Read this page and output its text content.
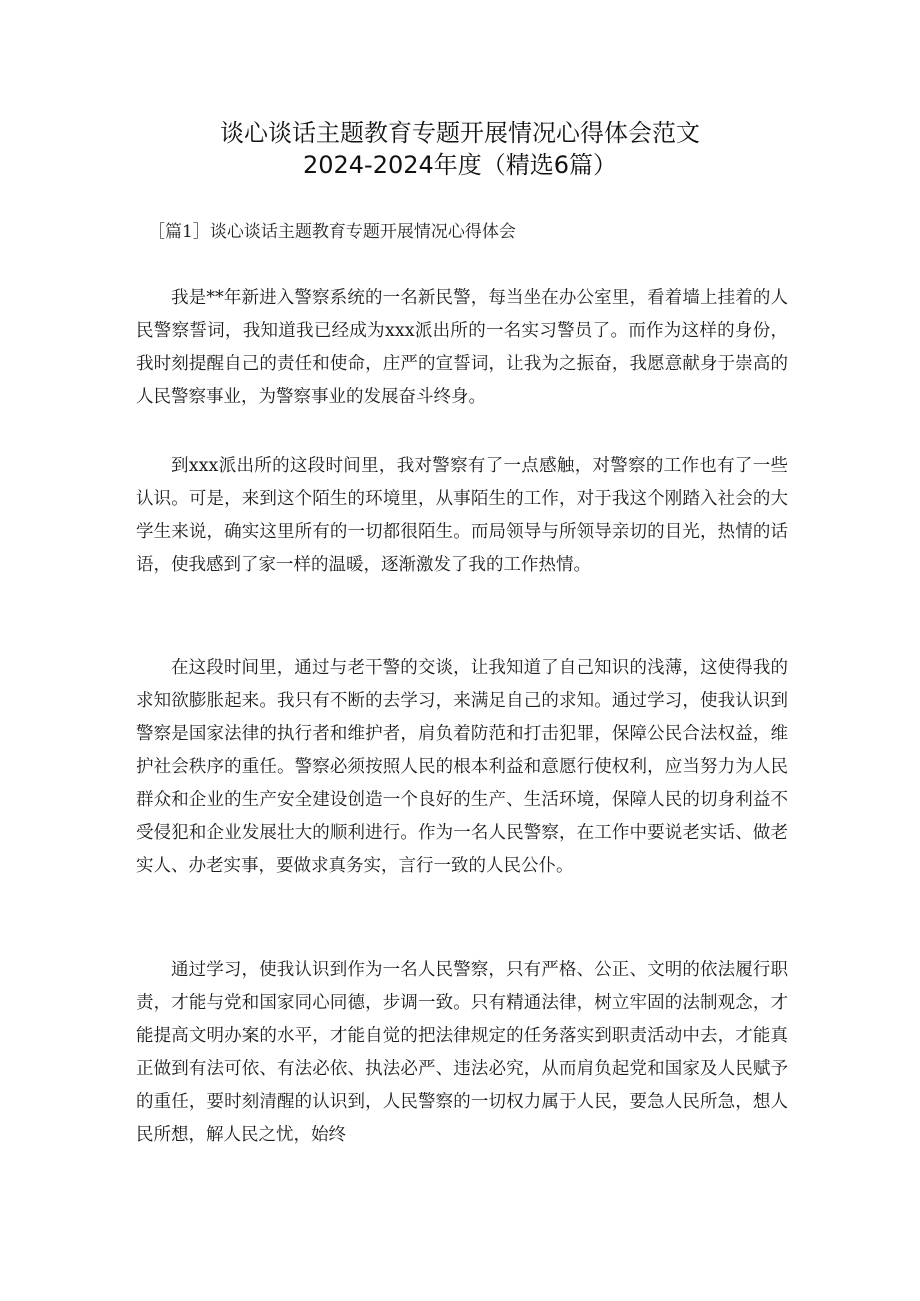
谈心谈话主题教育专题开展情况心得体会范文
2024-2024年度（精选6篇）
［篇1］谈心谈话主题教育专题开展情况心得体会

我是**年新进入警察系统的一名新民警，每当坐在办公室里，看着墙上挂着的人民警察誓词，我知道我已经成为xxx派出所的一名实习警员了。而作为这样的身份，我时刻提醒自己的责任和使命，庄严的宣誓词，让我为之振奋，我愿意献身于崇高的人民警察事业，为警察事业的发展奋斗终身。

到xxx派出所的这段时间里，我对警察有了一点感触，对警察的工作也有了一些认识。可是，来到这个陌生的环境里，从事陌生的工作，对于我这个刚踏入社会的大学生来说，确实这里所有的一切都很陌生。而局领导与所领导亲切的目光，热情的话语，使我感到了家一样的温暖，逐渐激发了我的工作热情。

在这段时间里，通过与老干警的交谈，让我知道了自己知识的浅薄，这使得我的求知欲膨胀起来。我只有不断的去学习，来满足自己的求知。通过学习，使我认识到警察是国家法律的执行者和维护者，肩负着防范和打击犯罪，保障公民合法权益，维护社会秩序的重任。警察必须按照人民的根本利益和意愿行使权利，应当努力为人民群众和企业的生产安全建设创造一个良好的生产、生活环境，保障人民的切身利益不受侵犯和企业发展壮大的顺利进行。作为一名人民警察，在工作中要说老实话、做老实人、办老实事，要做求真务实，言行一致的人民公仆。

通过学习，使我认识到作为一名人民警察，只有严格、公正、文明的依法履行职责，才能与党和国家同心同德，步调一致。只有精通法律，树立牢固的法制观念，才能提高文明办案的水平，才能自觉的把法律规定的任务落实到职责活动中去，才能真正做到有法可依、有法必依、执法必严、违法必究，从而肩负起党和国家及人民赋予的重任，要时刻清醒的认识到，人民警察的一切权力属于人民，要急人民所急，想人民所想，解人民之忧，始终
